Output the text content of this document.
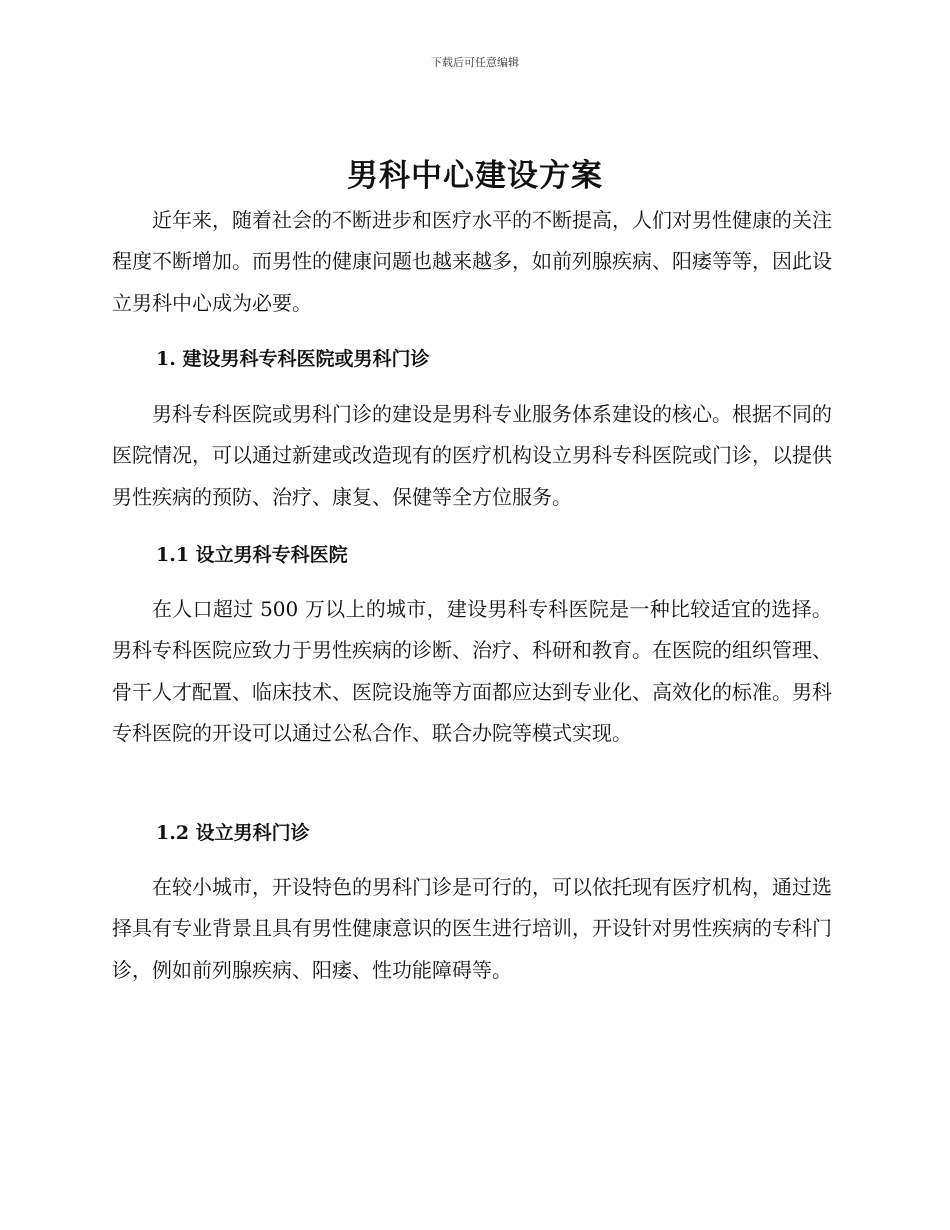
下载后可任意编辑
男科中心建设方案

近年来，随着社会的不断进步和医疗水平的不断提高，人们对男性健康的关注程度不断增加。而男性的健康问题也越来越多，如前列腺疾病、阳痿等等，因此设立男科中心成为必要。

1. 建设男科专科医院或男科门诊

男科专科医院或男科门诊的建设是男科专业服务体系建设的核心。根据不同的医院情况，可以通过新建或改造现有的医疗机构设立男科专科医院或门诊，以提供男性疾病的预防、治疗、康复、保健等全方位服务。

1.1 设立男科专科医院

在人口超过 500 万以上的城市，建设男科专科医院是一种比较适宜的选择。男科专科医院应致力于男性疾病的诊断、治疗、科研和教育。在医院的组织管理、骨干人才配置、临床技术、医院设施等方面都应达到专业化、高效化的标准。男科专科医院的开设可以通过公私合作、联合办院等模式实现。

1.2 设立男科门诊

在较小城市，开设特色的男科门诊是可行的，可以依托现有医疗机构，通过选择具有专业背景且具有男性健康意识的医生进行培训，开设针对男性疾病的专科门诊，例如前列腺疾病、阳痿、性功能障碍等。
